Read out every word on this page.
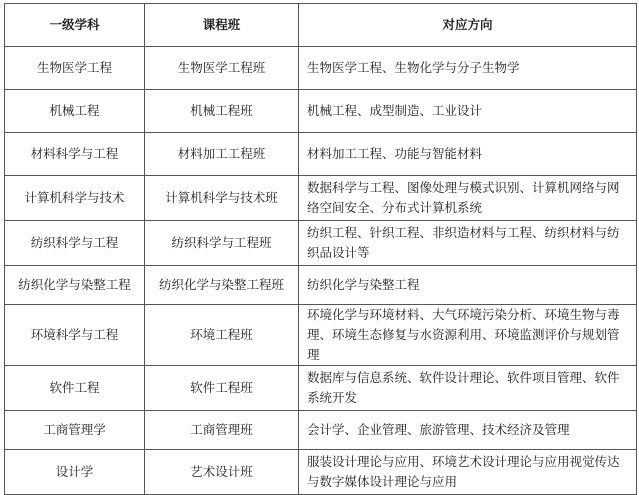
一级学科	课程班	对应方向
生物医学工程	生物医学工程班	生物医学工程、生物化学与分子生物学
机械工程	机械工程班	机械工程、成型制造、工业设计
材料科学与工程	材料加工工程班	材料加工工程、功能与智能材料
计算机科学与技术	计算机科学与技术班	数据科学与工程、图像处理与模式识别、计算机网络与网络空间安全、分布式计算机系统
纺织科学与工程	纺织科学与工程班	纺织工程、针织工程、非织造材料与工程、纺织材料与纺织品设计等
纺织化学与染整工程	纺织化学与染整工程班	纺织化学与染整工程
环境科学与工程	环境工程班	环境化学与环境材料、大气环境污染分析、环境生物与毒理、环境生态修复与水资源利用、环境监测评价与规划管理
软件工程	软件工程班	数据库与信息系统、软件设计理论、软件项目管理、软件系统开发
工商管理学	工商管理班	会计学、企业管理、旅游管理、技术经济及管理
设计学	艺术设计班	服装设计理论与应用、环境艺术设计理论与应用视觉传达与数字媒体设计理论与应用
